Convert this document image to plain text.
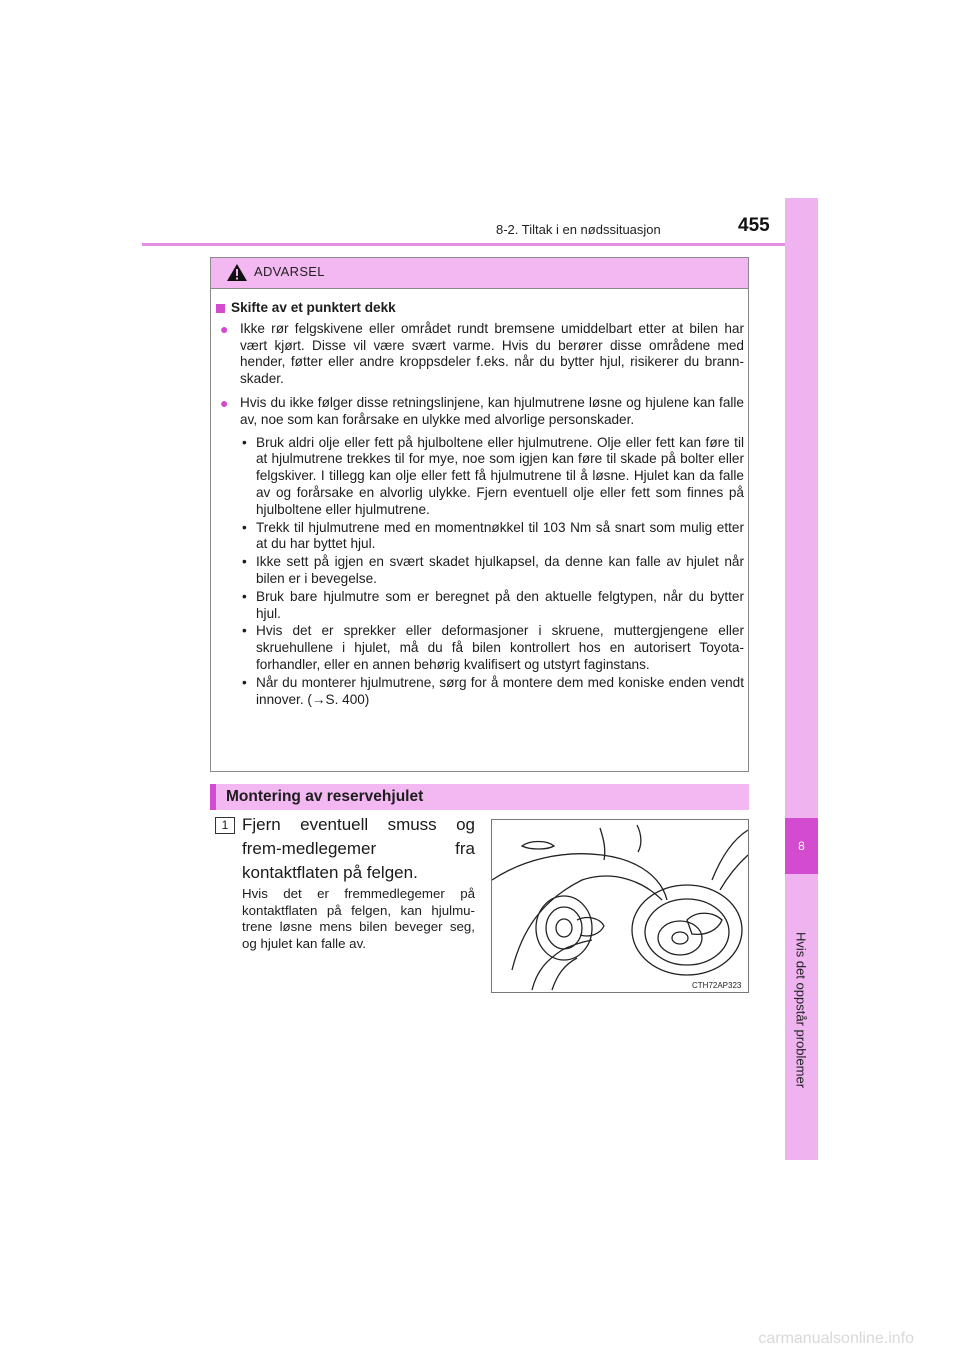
8-2. Tiltak i en nødssituasjon	455
8
Hvis det oppstår problemer
ADVARSEL
Skifte av et punktert dekk
● Ikke rør felgskivene eller området rundt bremsene umiddelbart etter at bilen har vært kjørt. Disse vil være svært varme. Hvis du berører disse områdene med hender, føtter eller andre kroppsdeler f.eks. når du bytter hjul, risikerer du brann-skader.
● Hvis du ikke følger disse retningslinjene, kan hjulmutrene løsne og hjulene kan falle av, noe som kan forårsake en ulykke med alvorlige personskader.
• Bruk aldri olje eller fett på hjulboltene eller hjulmutrene. Olje eller fett kan føre til at hjulmutrene trekkes til for mye, noe som igjen kan føre til skade på bolter eller felgskiver. I tillegg kan olje eller fett få hjulmutrene til å løsne. Hjulet kan da falle av og forårsake en alvorlig ulykke. Fjern eventuell olje eller fett som finnes på hjulboltene eller hjulmutrene.
• Trekk til hjulmutrene med en momentnøkkel til 103 Nm så snart som mulig etter at du har byttet hjul.
• Ikke sett på igjen en svært skadet hjulkapsel, da denne kan falle av hjulet når bilen er i bevegelse.
• Bruk bare hjulmutre som er beregnet på den aktuelle felgtypen, når du bytter hjul.
• Hvis det er sprekker eller deformasjoner i skruene, muttergjengene eller skruehullene i hjulet, må du få bilen kontrollert hos en autorisert Toyota-forhandler, eller en annen behørig kvalifisert og utstyrt faginstans.
• Når du monterer hjulmutrene, sørg for å montere dem med koniske enden vendt innover. (→S. 400)
Montering av reservehjulet
1 Fjern eventuell smuss og frem-medlegemer fra kontaktflaten på felgen.
Hvis det er fremmedlegemer på kontaktflaten på felgen, kan hjulmu-trene løsne mens bilen beveger seg, og hjulet kan falle av.
CTH72AP323
carmanualsonline.info
